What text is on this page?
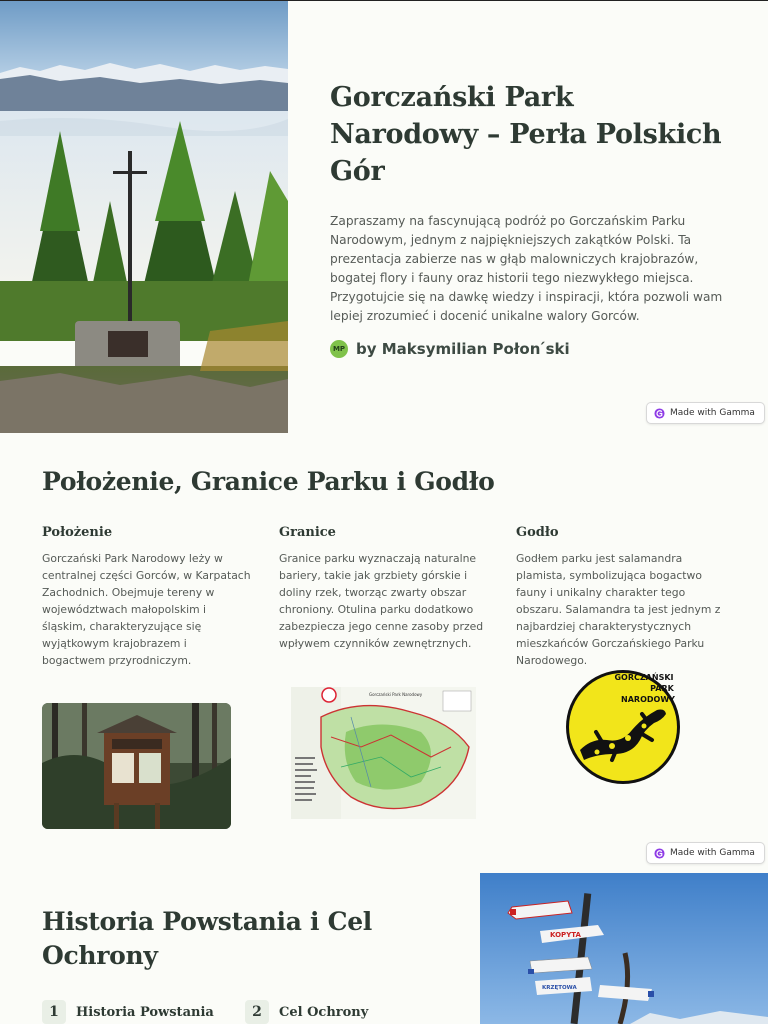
Gorczański Park Narodowy – Perła Polskich Gór

Zapraszamy na fascynującą podróż po Gorczańskim Parku Narodowym, jednym z najpiękniejszych zakątków Polski. Ta prezentacja zabierze nas w głąb malowniczych krajobrazów, bogatej flory i fauny oraz historii tego niezwykłego miejsca. Przygotujcie się na dawkę wiedzy i inspiracji, która pozwoli wam lepiej zrozumieć i docenić unikalne walory Gorców.

MP by Maksymilian Połon ́ski
Made with Gamma
Położenie, Granice Parku i Godło
Położenie

Gorczański Park Narodowy leży w centralnej części Gorców, w Karpatach Zachodnich. Obejmuje tereny w województwach małopolskim i śląskim, charakteryzujące się wyjątkowym krajobrazem i bogactwem przyrodniczym.

Granice

Granice parku wyznaczają naturalne bariery, takie jak grzbiety górskie i doliny rzek, tworząc zwarty obszar chroniony. Otulina parku dodatkowo zabezpiecza jego cenne zasoby przed wpływem czynników zewnętrznych.

Godło

Godłem parku jest salamandra plamista, symbolizująca bogactwo fauny i unikalny charakter tego obszaru. Salamandra ta jest jednym z najbardziej charakterystycznych mieszkańców Gorczańskiego Parku Narodowego.

Gorczański Park Narodowy
GORCZAŃSKI
PARK
NARODOWY
Made with Gamma
Historia Powstania i Cel Ochrony
1	Historia Powstania	2	Cel Ochrony
KOPYTA
KRZĘTOWA
